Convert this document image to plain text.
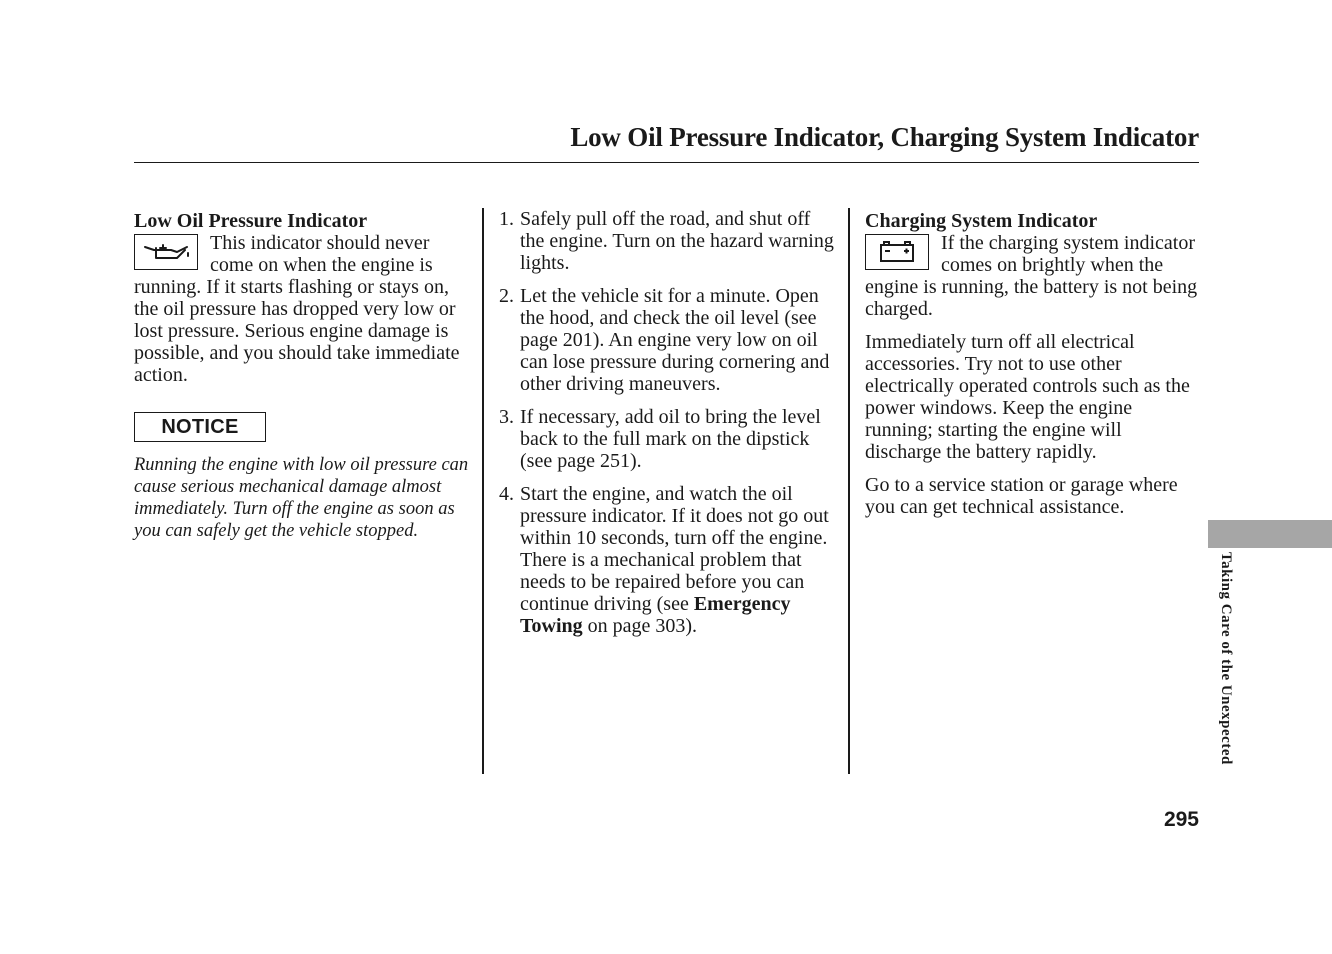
Low Oil Pressure Indicator, Charging System Indicator
Low Oil Pressure Indicator
This indicator should never come on when the engine is running. If it starts flashing or stays on, the oil pressure has dropped very low or lost pressure. Serious engine damage is possible, and you should take immediate action.
NOTICE
Running the engine with low oil pressure can cause serious mechanical damage almost immediately. Turn off the engine as soon as you can safely get the vehicle stopped.
1. Safely pull off the road, and shut off the engine. Turn on the hazard warning lights.
2. Let the vehicle sit for a minute. Open the hood, and check the oil level (see page 201). An engine very low on oil can lose pressure during cornering and other driving maneuvers.
3. If necessary, add oil to bring the level back to the full mark on the dipstick (see page 251).
4. Start the engine, and watch the oil pressure indicator. If it does not go out within 10 seconds, turn off the engine. There is a mechanical problem that needs to be repaired before you can continue driving (see Emergency Towing on page 303).
Charging System Indicator

If the charging system indicator comes on brightly when the engine is running, the battery is not being charged.

Immediately turn off all electrical accessories. Try not to use other electrically operated controls such as the power windows. Keep the engine running; starting the engine will discharge the battery rapidly.

Go to a service station or garage where you can get technical assistance.

Taking Care of the Unexpected
295
